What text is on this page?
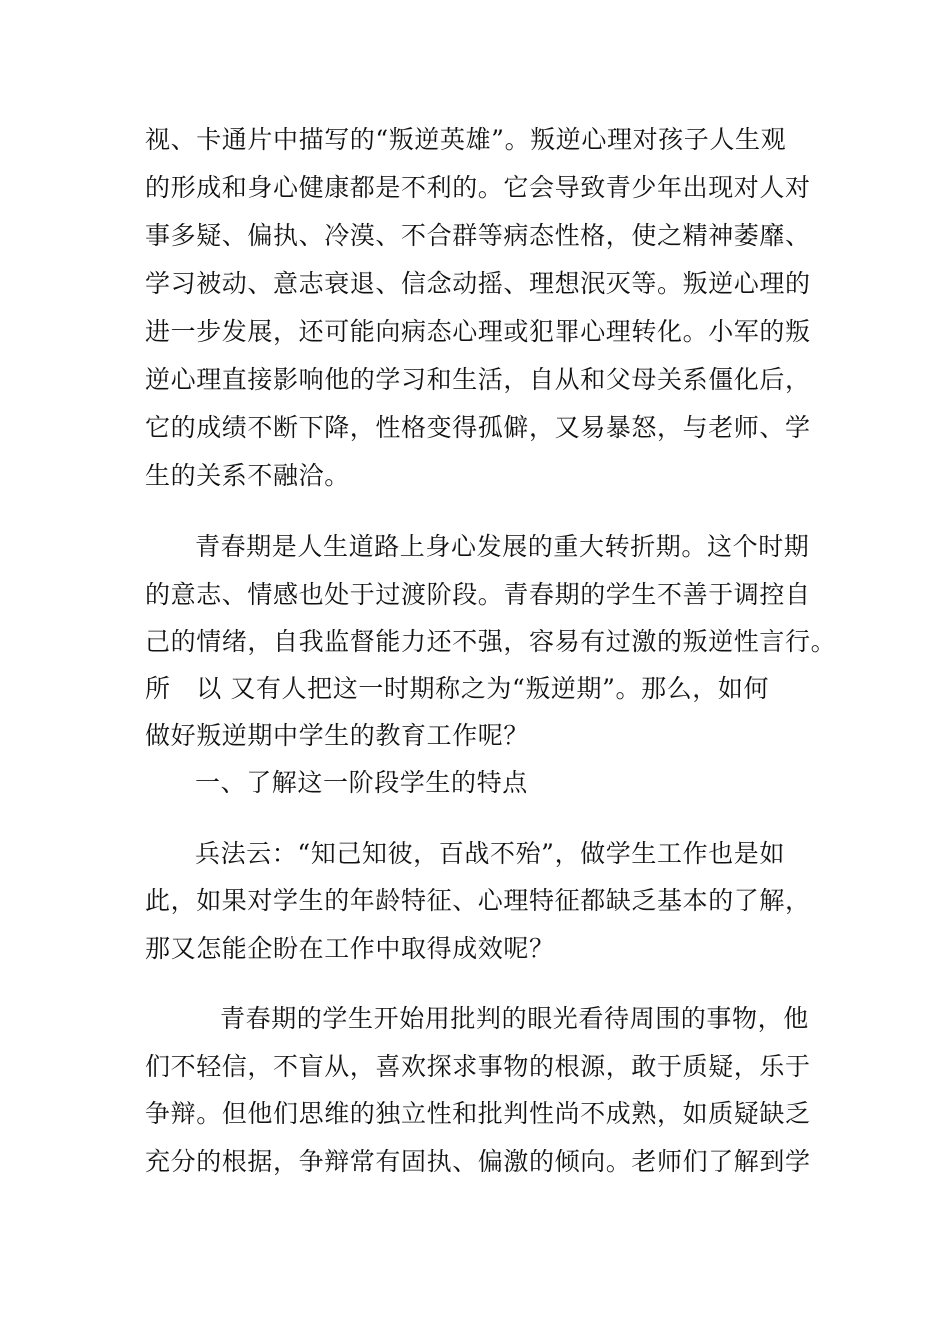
视、卡通片中描写的“叛逆英雄”。叛逆心理对孩子人生观
的形成和身心健康都是不利的。它会导致青少年出现对人对
事多疑、偏执、冷漠、不合群等病态性格，使之精神萎靡、
学习被动、意志衰退、信念动摇、理想泯灭等。叛逆心理的
进一步发展，还可能向病态心理或犯罪心理转化。小军的叛
逆心理直接影响他的学习和生活，自从和父母关系僵化后，
它的成绩不断下降，性格变得孤僻，又易暴怒，与老师、学
生的关系不融洽。
青春期是人生道路上身心发展的重大转折期。这个时期
的意志、情感也处于过渡阶段。青春期的学生不善于调控自
己的情绪，自我监督能力还不强，容易有过激的叛逆性言行。
所　以 又有人把这一时期称之为“叛逆期”。那么，如何
做好叛逆期中学生的教育工作呢？
一、了解这一阶段学生的特点
兵法云：“知己知彼，百战不殆”，做学生工作也是如
此，如果对学生的年龄特征、心理特征都缺乏基本的了解，
那又怎能企盼在工作中取得成效呢？
青春期的学生开始用批判的眼光看待周围的事物，他
们不轻信，不盲从，喜欢探求事物的根源，敢于质疑，乐于
争辩。但他们思维的独立性和批判性尚不成熟，如质疑缺乏
充分的根据，争辩常有固执、偏激的倾向。老师们了解到学
